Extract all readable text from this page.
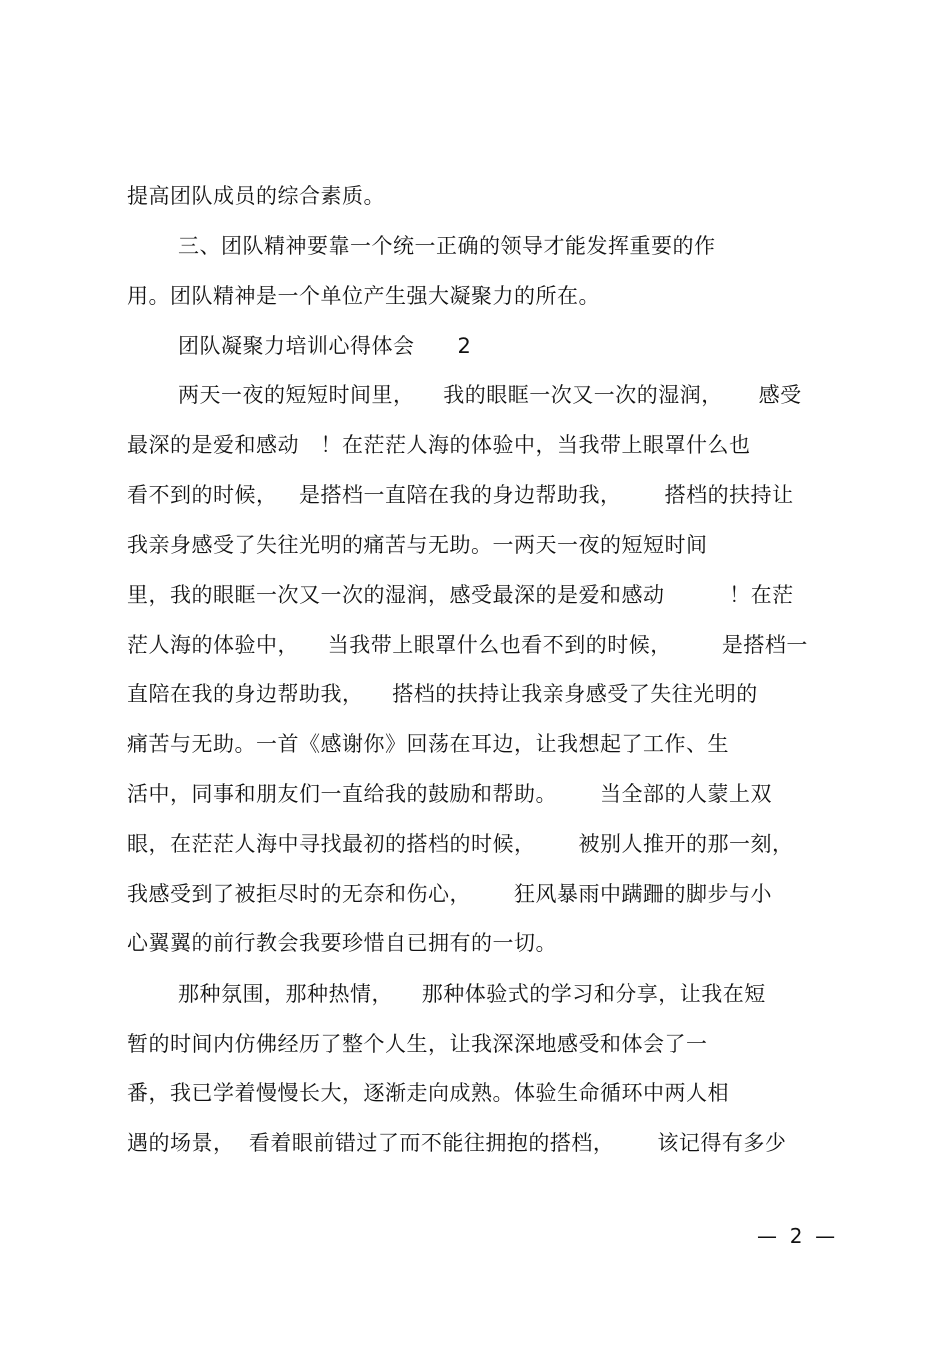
提高团队成员的综合素质。
三、团队精神要靠一个统一正确的领导才能发挥重要的作
用。团队精神是一个单位产生强大凝聚力的所在。
团队凝聚力培训心得体会      2
两天一夜的短短时间里，    我的眼眶一次又一次的湿润，     感受
最深的是爱和感动   ！在茫茫人海的体验中，当我带上眼罩什么也
看不到的时候，   是搭档一直陪在我的身边帮助我，      搭档的扶持让
我亲身感受了失往光明的痛苦与无助。一两天一夜的短短时间
里，我的眼眶一次又一次的湿润，感受最深的是爱和感动         ！在茫
茫人海的体验中，    当我带上眼罩什么也看不到的时候，       是搭档一
直陪在我的身边帮助我，    搭档的扶持让我亲身感受了失往光明的
痛苦与无助。一首《感谢你》回荡在耳边，让我想起了工作、生
活中，同事和朋友们一直给我的鼓励和帮助。      当全部的人蒙上双
眼，在茫茫人海中寻找最初的搭档的时候，      被别人推开的那一刻，
我感受到了被拒尽时的无奈和伤心，      狂风暴雨中蹒跚的脚步与小
心翼翼的前行教会我要珍惜自已拥有的一切。
那种氛围，那种热情，    那种体验式的学习和分享，让我在短
暂的时间内仿佛经历了整个人生，让我深深地感受和体会了一
番，我已学着慢慢长大，逐渐走向成熟。体验生命循环中两人相
遇的场景，  看着眼前错过了而不能往拥抱的搭档，      该记得有多少
—  2  —
